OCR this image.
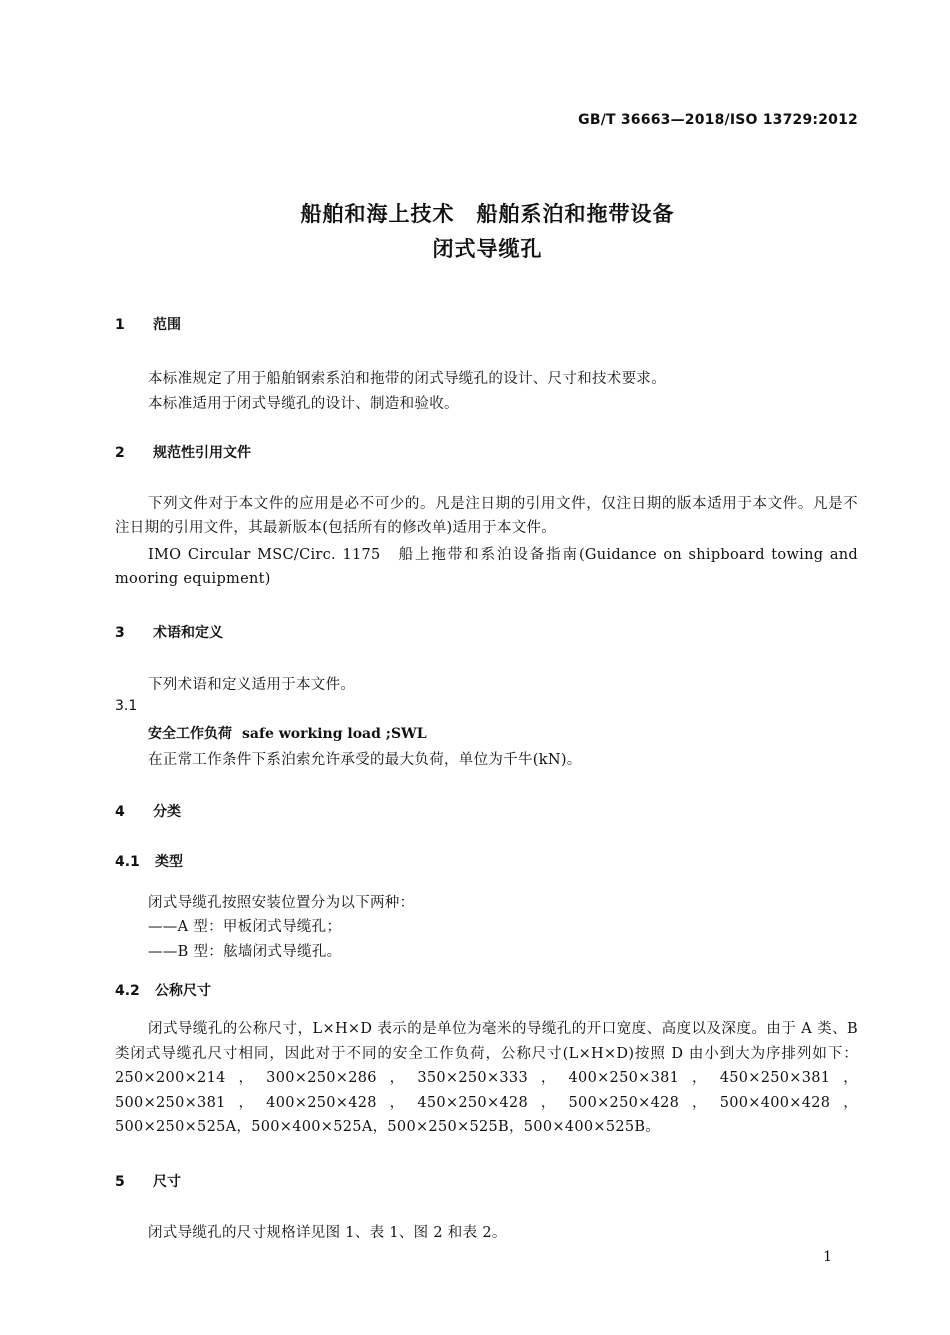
GB/T 36663—2018/ISO 13729:2012
船舶和海上技术　船舶系泊和拖带设备
闭式导缆孔
1 范围
本标准规定了用于船舶钢索系泊和拖带的闭式导缆孔的设计、尺寸和技术要求。
本标准适用于闭式导缆孔的设计、制造和验收。
2 规范性引用文件
下列文件对于本文件的应用是必不可少的。凡是注日期的引用文件，仅注日期的版本适用于本文件。凡是不注日期的引用文件，其最新版本(包括所有的修改单)适用于本文件。
IMO Circular MSC/Circ. 1175　船上拖带和系泊设备指南(Guidance on shipboard towing and mooring equipment)
3 术语和定义
下列术语和定义适用于本文件。
3.1
安全工作负荷 safe working load ;SWL
在正常工作条件下系泊索允许承受的最大负荷，单位为千牛(kN)。
4 分类
4.1 类型
闭式导缆孔按照安装位置分为以下两种：
——A 型：甲板闭式导缆孔；
——B 型：舷墙闭式导缆孔。
4.2 公称尺寸
闭式导缆孔的公称尺寸，L×H×D 表示的是单位为毫米的导缆孔的开口宽度、高度以及深度。由于 A 类、B 类闭式导缆孔尺寸相同，因此对于不同的安全工作负荷，公称尺寸(L×H×D)按照 D 由小到大为序排列如下：250×200×214，300×250×286，350×250×333，400×250×381，450×250×381，500×250×381，400×250×428，450×250×428，500×250×428，500×400×428，500×250×525A，500×400×525A，500×250×525B，500×400×525B。
5 尺寸
闭式导缆孔的尺寸规格详见图 1、表 1、图 2 和表 2。
1
